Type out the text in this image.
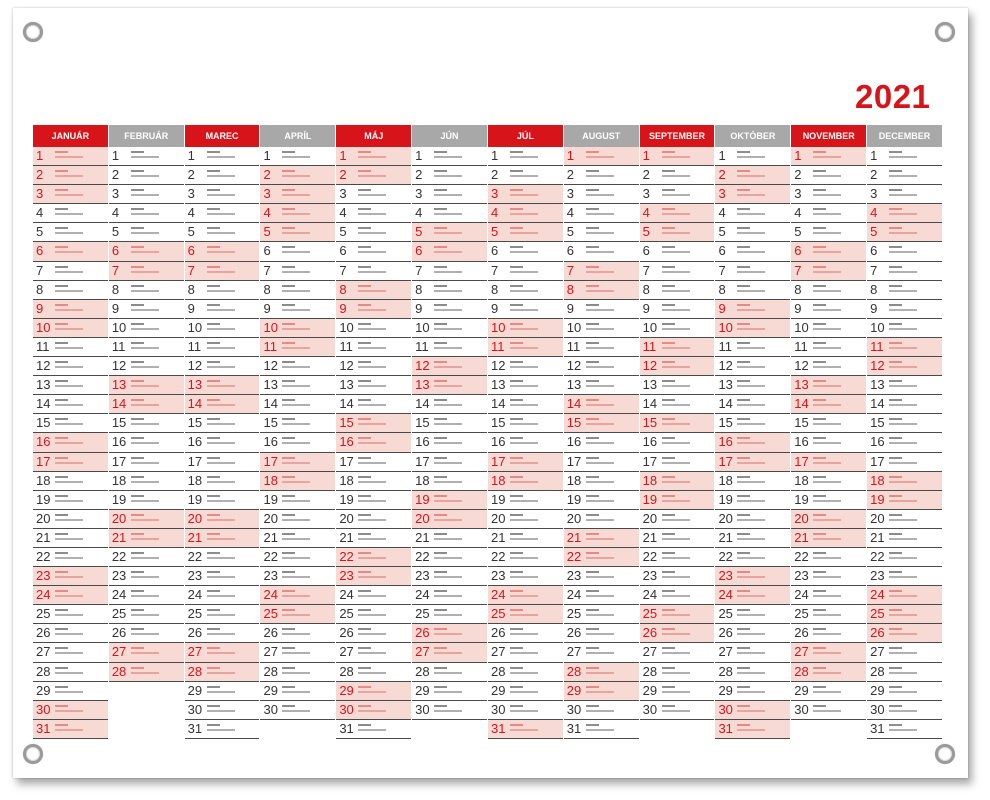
2021
JANUÁR
1
2
3
4
5
6
7
8
9
10
11
12
13
14
15
16
17
18
19
20
21
22
23
24
25
26
27
28
29
30
31
FEBRUÁR
1
2
3
4
5
6
7
8
9
10
11
12
13
14
15
16
17
18
19
20
21
22
23
24
25
26
27
28
MAREC
1
2
3
4
5
6
7
8
9
10
11
12
13
14
15
16
17
18
19
20
21
22
23
24
25
26
27
28
29
30
31
APRÍL
1
2
3
4
5
6
7
8
9
10
11
12
13
14
15
16
17
18
19
20
21
22
23
24
25
26
27
28
29
30
MÁJ
1
2
3
4
5
6
7
8
9
10
11
12
13
14
15
16
17
18
19
20
21
22
23
24
25
26
27
28
29
30
31
JÚN
1
2
3
4
5
6
7
8
9
10
11
12
13
14
15
16
17
18
19
20
21
22
23
24
25
26
27
28
29
30
JÚL
1
2
3
4
5
6
7
8
9
10
11
12
13
14
15
16
17
18
19
20
21
22
23
24
25
26
27
28
29
30
31
AUGUST
1
2
3
4
5
6
7
8
9
10
11
12
13
14
15
16
17
18
19
20
21
22
23
24
25
26
27
28
29
30
31
SEPTEMBER
1
2
3
4
5
6
7
8
9
10
11
12
13
14
15
16
17
18
19
20
21
22
23
24
25
26
27
28
29
30
OKTÓBER
1
2
3
4
5
6
7
8
9
10
11
12
13
14
15
16
17
18
19
20
21
22
23
24
25
26
27
28
29
30
31
NOVEMBER
1
2
3
4
5
6
7
8
9
10
11
12
13
14
15
16
17
18
19
20
21
22
23
24
25
26
27
28
29
30
DECEMBER
1
2
3
4
5
6
7
8
9
10
11
12
13
14
15
16
17
18
19
20
21
22
23
24
25
26
27
28
29
30
31
